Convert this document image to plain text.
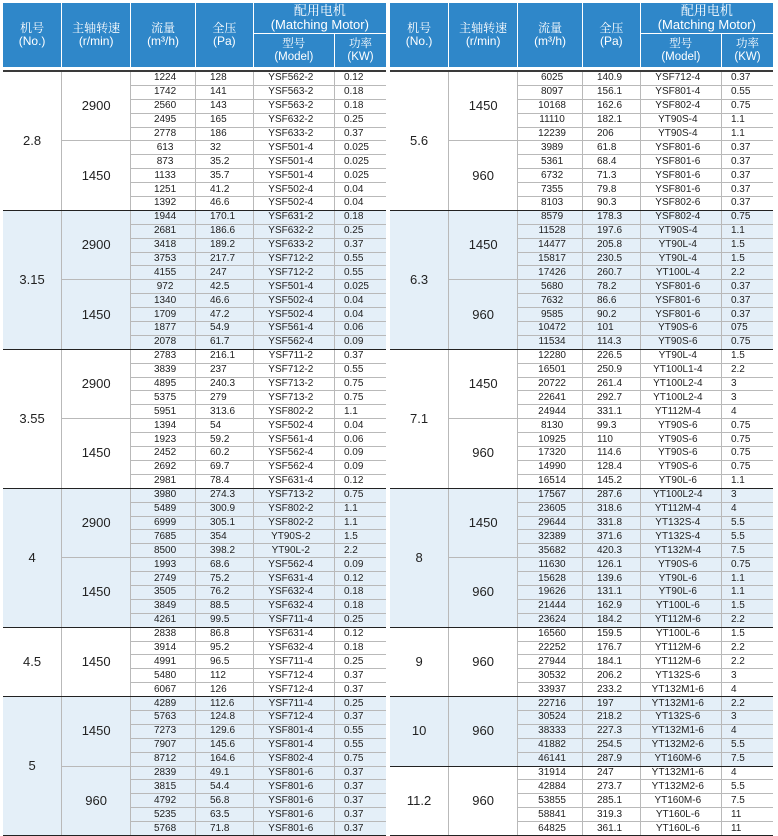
机号
(No.)	主轴转速
(r/min)	流量
(m³/h)	全压
(Pa)	配用电机
(Matching Motor)	

				型号
(Model)	功率
(KW)

2.8	2900	1224	128	YSF562-2	0.12
		1742	141	YSF563-2	0.18
		2560	143	YSF563-2	0.18
		2495	165	YSF632-2	0.25
		2778	186	YSF633-2	0.37
	1450	613	32	YSF501-4	0.025
		873	35.2	YSF501-4	0.025
		1133	35.7	YSF501-4	0.025
		1251	41.2	YSF502-4	0.04
		1392	46.6	YSF502-4	0.04
3.15	2900	1944	170.1	YSF631-2	0.18
		2681	186.6	YSF632-2	0.25
		3418	189.2	YSF633-2	0.37
		3753	217.7	YSF712-2	0.55
		4155	247	YSF712-2	0.55
	1450	972	42.5	YSF501-4	0.025
		1340	46.6	YSF502-4	0.04
		1709	47.2	YSF502-4	0.04
		1877	54.9	YSF561-4	0.06
		2078	61.7	YSF562-4	0.09
3.55	2900	2783	216.1	YSF711-2	0.37
		3839	237	YSF712-2	0.55
		4895	240.3	YSF713-2	0.75
		5375	279	YSF713-2	0.75
		5951	313.6	YSF802-2	1.1
	1450	1394	54	YSF502-4	0.04
		1923	59.2	YSF561-4	0.06
		2452	60.2	YSF562-4	0.09
		2692	69.7	YSF562-4	0.09
		2981	78.4	YSF631-4	0.12
4	2900	3980	274.3	YSF713-2	0.75
		5489	300.9	YSF802-2	1.1
		6999	305.1	YSF802-2	1.1
		7685	354	YT90S-2	1.5
		8500	398.2	YT90L-2	2.2
	1450	1993	68.6	YSF562-4	0.09
		2749	75.2	YSF631-4	0.12
		3505	76.2	YSF632-4	0.18
		3849	88.5	YSF632-4	0.18
		4261	99.5	YSF711-4	0.25
4.5	1450	2838	86.8	YSF631-4	0.12
		3914	95.2	YSF632-4	0.18
		4991	96.5	YSF711-4	0.25
		5480	112	YSF712-4	0.37
		6067	126	YSF712-4	0.37
5	1450	4289	112.6	YSF711-4	0.25
		5763	124.8	YSF712-4	0.37
		7273	129.6	YSF801-4	0.55
		7907	145.6	YSF801-4	0.55
		8712	164.6	YSF802-4	0.75
	960	2839	49.1	YSF801-6	0.37
		3815	54.4	YSF801-6	0.37
		4792	56.8	YSF801-6	0.37
		5235	63.5	YSF801-6	0.37
		5768	71.8	YSF801-6	0.37
机号
(No.)	主轴转速
(r/min)	流量
(m³/h)	全压
(Pa)	配用电机
(Matching Motor)	

				型号
(Model)	功率
(KW)

5.6	1450	6025	140.9	YSF712-4	0.37
		8097	156.1	YSF801-4	0.55
		10168	162.6	YSF802-4	0.75
		11110	182.1	YT90S-4	1.1
		12239	206	YT90S-4	1.1
	960	3989	61.8	YSF801-6	0.37
		5361	68.4	YSF801-6	0.37
		6732	71.3	YSF801-6	0.37
		7355	79.8	YSF801-6	0.37
		8103	90.3	YSF802-6	0.37
6.3	1450	8579	178.3	YSF802-4	0.75
		11528	197.6	YT90S-4	1.1
		14477	205.8	YT90L-4	1.5
		15817	230.5	YT90L-4	1.5
		17426	260.7	YT100L-4	2.2
	960	5680	78.2	YSF801-6	0.37
		7632	86.6	YSF801-6	0.37
		9585	90.2	YSF801-6	0.37
		10472	101	YT90S-6	075
		11534	114.3	YT90S-6	0.75
7.1	1450	12280	226.5	YT90L-4	1.5
		16501	250.9	YT100L1-4	2.2
		20722	261.4	YT100L2-4	3
		22641	292.7	YT100L2-4	3
		24944	331.1	YT112M-4	4
	960	8130	99.3	YT90S-6	0.75
		10925	110	YT90S-6	0.75
		17320	114.6	YT90S-6	0.75
		14990	128.4	YT90S-6	0.75
		16514	145.2	YT90L-6	1.1
8	1450	17567	287.6	YT100L2-4	3
		23605	318.6	YT112M-4	4
		29644	331.8	YT132S-4	5.5
		32389	371.6	YT132S-4	5.5
		35682	420.3	YT132M-4	7.5
	960	11630	126.1	YT90S-6	0.75
		15628	139.6	YT90L-6	1.1
		19626	131.1	YT90L-6	1.1
		21444	162.9	YT100L-6	1.5
		23624	184.2	YT112M-6	2.2
9	960	16560	159.5	YT100L-6	1.5
		22252	176.7	YT112M-6	2.2
		27944	184.1	YT112M-6	2.2
		30532	206.2	YT132S-6	3
		33937	233.2	YT132M1-6	4
10	960	22716	197	YT132M1-6	2.2
		30524	218.2	YT132S-6	3
		38333	227.3	YT132M1-6	4
		41882	254.5	YT132M2-6	5.5
		46141	287.9	YT160M-6	7.5
11.2	960	31914	247	YT132M1-6	4
		42884	273.7	YT132M2-6	5.5
		53855	285.1	YT160M-6	7.5
		58841	319.3	YT160L-6	11
		64825	361.1	YT160L-6	11
